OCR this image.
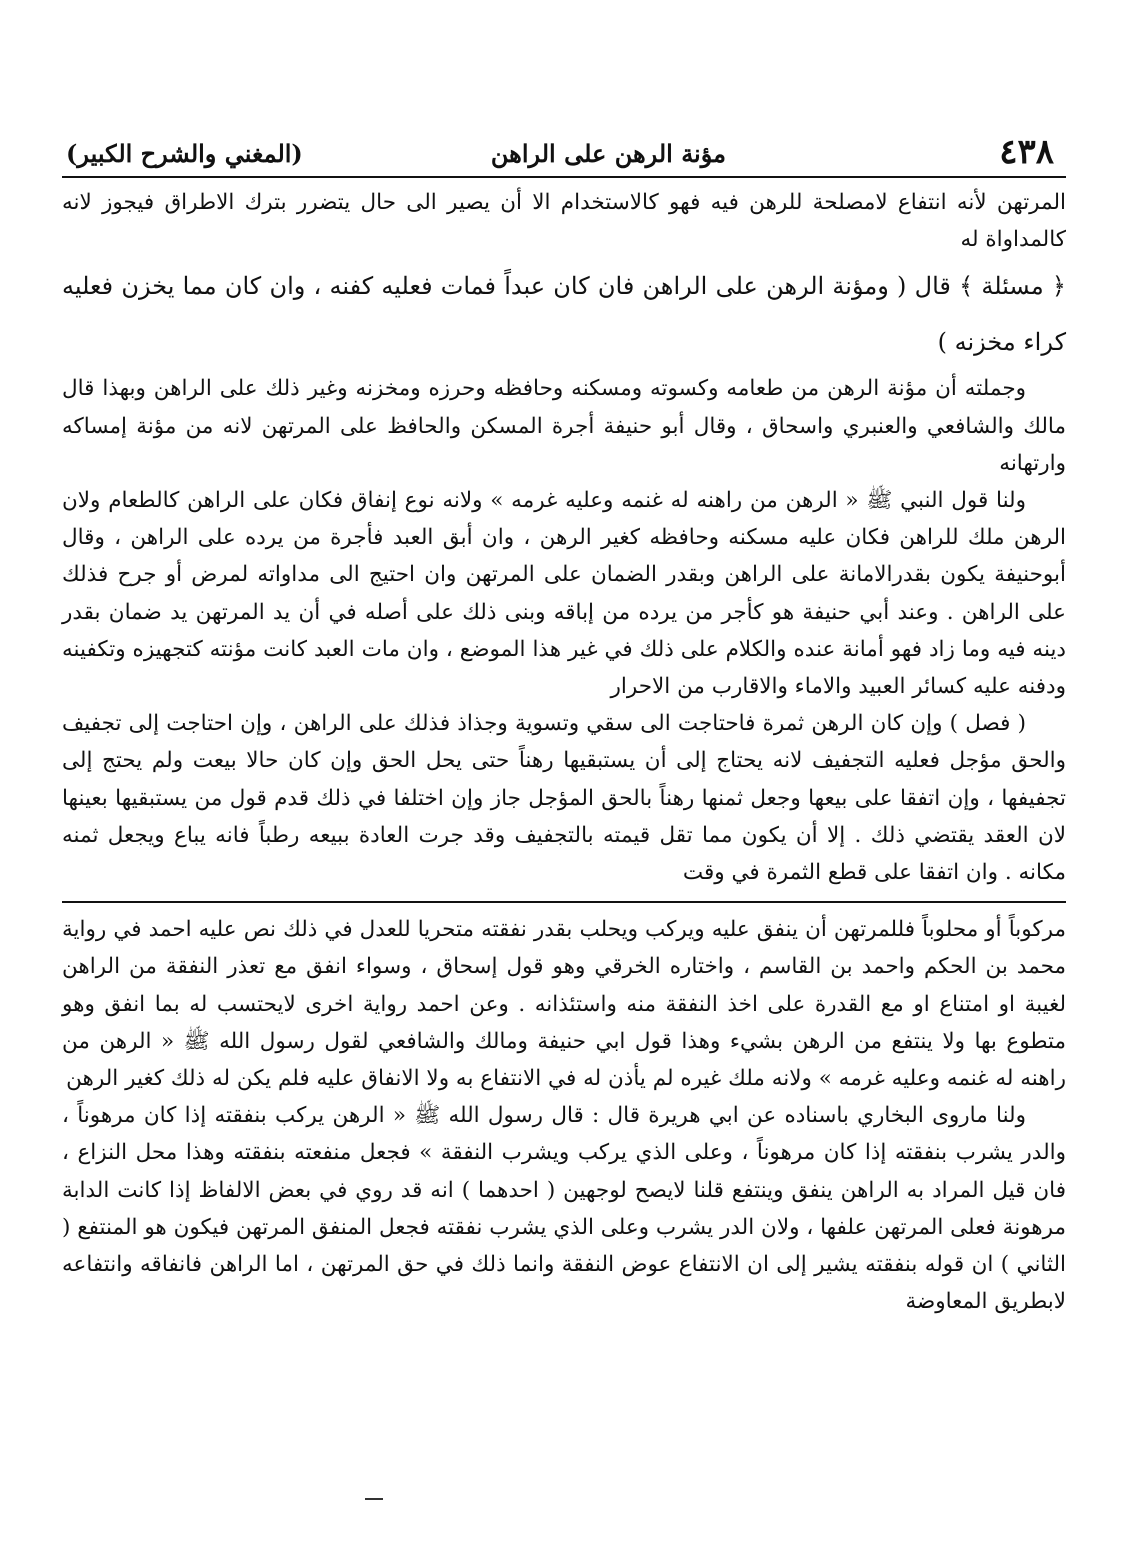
٤٣٨
مؤنة الرهن على الراهن
(المغني والشرح الكبير)

المرتهن لأنه انتفاع لامصلحة للرهن فيه فهو كالاستخدام الا أن يصير الى حال يتضرر بترك الاطراق فيجوز لانه كالمداواة له

﴿ مسئلة ﴾ قال ( ومؤنة الرهن على الراهن فان كان عبداً فمات فعليه كفنه ، وان كان مما يخزن فعليه كراء مخزنه )

وجملته أن مؤنة الرهن من طعامه وكسوته ومسكنه وحافظه وحرزه ومخزنه وغير ذلك على الراهن وبهذا قال مالك والشافعي والعنبري واسحاق ، وقال أبو حنيفة أجرة المسكن والحافظ على المرتهن لانه من مؤنة إمساكه وارتهانه

ولنا قول النبي ﷺ « الرهن من راهنه له غنمه وعليه غرمه » ولانه نوع إنفاق فكان على الراهن كالطعام ولان الرهن ملك للراهن فكان عليه مسكنه وحافظه كغير الرهن ، وان أبق العبد فأجرة من يرده على الراهن ، وقال أبوحنيفة يكون بقدرالامانة على الراهن وبقدر الضمان على المرتهن وان احتيج الى مداواته لمرض أو جرح فذلك على الراهن . وعند أبي حنيفة هو كأجر من يرده من إباقه وبنى ذلك على أصله في أن يد المرتهن يد ضمان بقدر دينه فيه وما زاد فهو أمانة عنده والكلام على ذلك في غير هذا الموضع ، وان مات العبد كانت مؤنته كتجهيزه وتكفينه ودفنه عليه كسائر العبيد والاماء والاقارب من الاحرار

( فصل ) وإن كان الرهن ثمرة فاحتاجت الى سقي وتسوية وجذاذ فذلك على الراهن ، وإن احتاجت إلى تجفيف والحق مؤجل فعليه التجفيف لانه يحتاج إلى أن يستبقيها رهناً حتى يحل الحق وإن كان حالا بيعت ولم يحتج إلى تجفيفها ، وإن اتفقا على بيعها وجعل ثمنها رهناً بالحق المؤجل جاز وإن اختلفا في ذلك قدم قول من يستبقيها بعينها لان العقد يقتضي ذلك . إلا أن يكون مما تقل قيمته بالتجفيف وقد جرت العادة ببيعه رطباً فانه يباع ويجعل ثمنه مكانه . وان اتفقا على قطع الثمرة في وقت

مركوباً أو محلوباً فللمرتهن أن ينفق عليه ويركب ويحلب بقدر نفقته متحريا للعدل في ذلك نص عليه احمد في رواية محمد بن الحكم واحمد بن القاسم ، واختاره الخرقي وهو قول إسحاق ، وسواء انفق مع تعذر النفقة من الراهن لغيبة او امتناع او مع القدرة على اخذ النفقة منه واستئذانه . وعن احمد رواية اخرى لايحتسب له بما انفق وهو متطوع بها ولا ينتفع من الرهن بشيء وهذا قول ابي حنيفة ومالك والشافعي لقول رسول الله ﷺ « الرهن من راهنه له غنمه وعليه غرمه » ولانه ملك غيره لم يأذن له في الانتفاع به ولا الانفاق عليه فلم يكن له ذلك كغير الرهن

ولنا ماروى البخاري باسناده عن ابي هريرة قال : قال رسول الله ﷺ « الرهن يركب بنفقته إذا كان مرهوناً ، والدر يشرب بنفقته إذا كان مرهوناً ، وعلى الذي يركب ويشرب النفقة » فجعل منفعته بنفقته وهذا محل النزاع ، فان قيل المراد به الراهن ينفق وينتفع قلنا لايصح لوجهين ( احدهما ) انه قد روي في بعض الالفاظ إذا كانت الدابة مرهونة فعلى المرتهن علفها ، ولان الدر يشرب وعلى الذي يشرب نفقته فجعل المنفق المرتهن فيكون هو المنتفع ( الثاني ) ان قوله بنفقته يشير إلى ان الانتفاع عوض النفقة وانما ذلك في حق المرتهن ، اما الراهن فانفاقه وانتفاعه لابطريق المعاوضة
